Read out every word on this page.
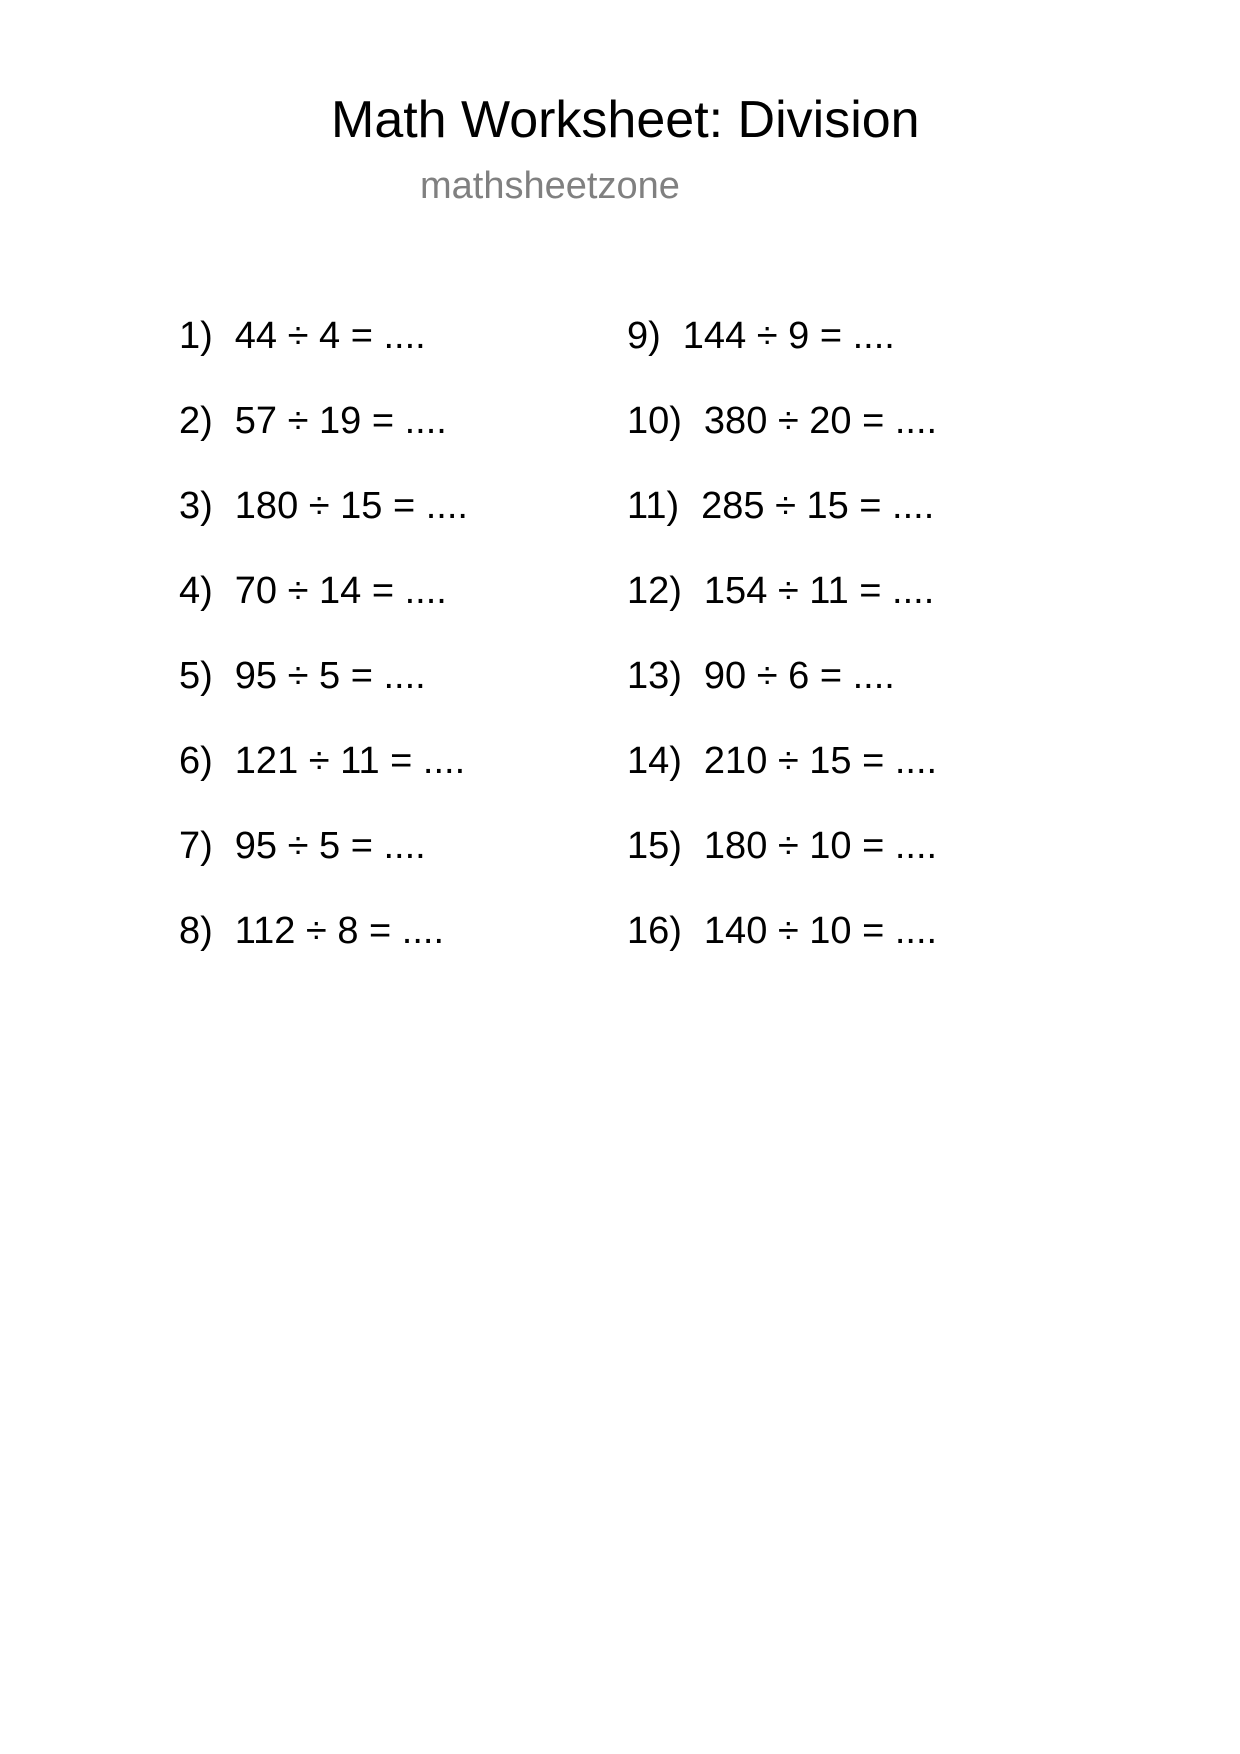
Math Worksheet: Division
mathsheetzone
1) 44 ÷ 4 = ....
2) 57 ÷ 19 = ....
3) 180 ÷ 15 = ....
4) 70 ÷ 14 = ....
5) 95 ÷ 5 = ....
6) 121 ÷ 11 = ....
7) 95 ÷ 5 = ....
8) 112 ÷ 8 = ....
9) 144 ÷ 9 = ....
10) 380 ÷ 20 = ....
11) 285 ÷ 15 = ....
12) 154 ÷ 11 = ....
13) 90 ÷ 6 = ....
14) 210 ÷ 15 = ....
15) 180 ÷ 10 = ....
16) 140 ÷ 10 = ....
